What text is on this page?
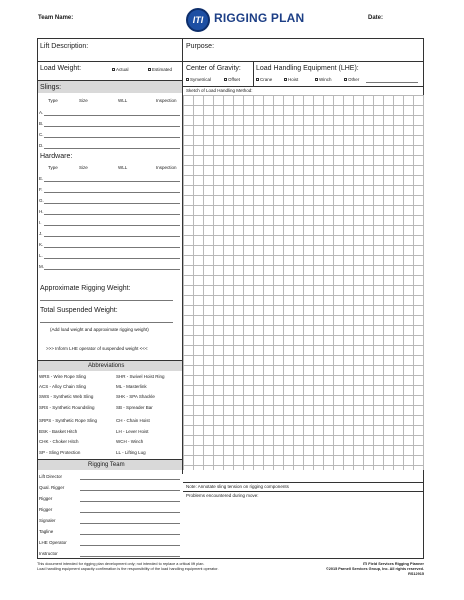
Team Name:	ITI RIGGING PLAN	Date:
Lift Description:
Load Weight:	Actual	Estimated
Slings:
Type	Size	WLL	Inspection
A.
B.
C.
D.
Hardware:
Type	Size	WLL	Inspection
E.
F.
G.
H.
I.
J.
K.
L.
M.
Approximate Rigging Weight:
Total Suspended Weight:
(Add load weight and approximate rigging weight)
>>> Inform LHE operator of suspended weight <<<
Abbreviations
WRS - Wire Rope Sling
ACS - Alloy Chain Sling
SWS - Synthetic Web Sling
SRS - Synthetic Roundsling
SRPS - Synthetic Rope Sling
BSK - Basket Hitch
CHK - Choker Hitch
SP - Sling Protection
SHR - Swivel Hoist Ring
ML - Masterlink
SHK - SPA Shackle
SB - Spreader Bar
CH - Chain Hoist
LH - Lever Hoist
WCH - Winch
LL - Lifting Lug
Rigging Team
Lift Director
Qual. Rigger
Rigger
Rigger
Signaler
Tagline
LHE Operator
Instructor
Purpose:
Center of Gravity:
Symetrical	Offset
Load Handling Equipment (LHE):
Crane	Hoist	Winch	Other
Sketch of Load Handling Method:
Note: Annotate sling tension on rigging components
Problems encountered during move:
This document intended for rigging plan development only; not intended to replace a critical lift plan.
Load handling equipment capacity confirmation is the responsibility of the load handling equipment operator.
ITI Field Services Rigging Planner
©2015 Parnell Services Group, Inc. All rights reserved.
RS12915
